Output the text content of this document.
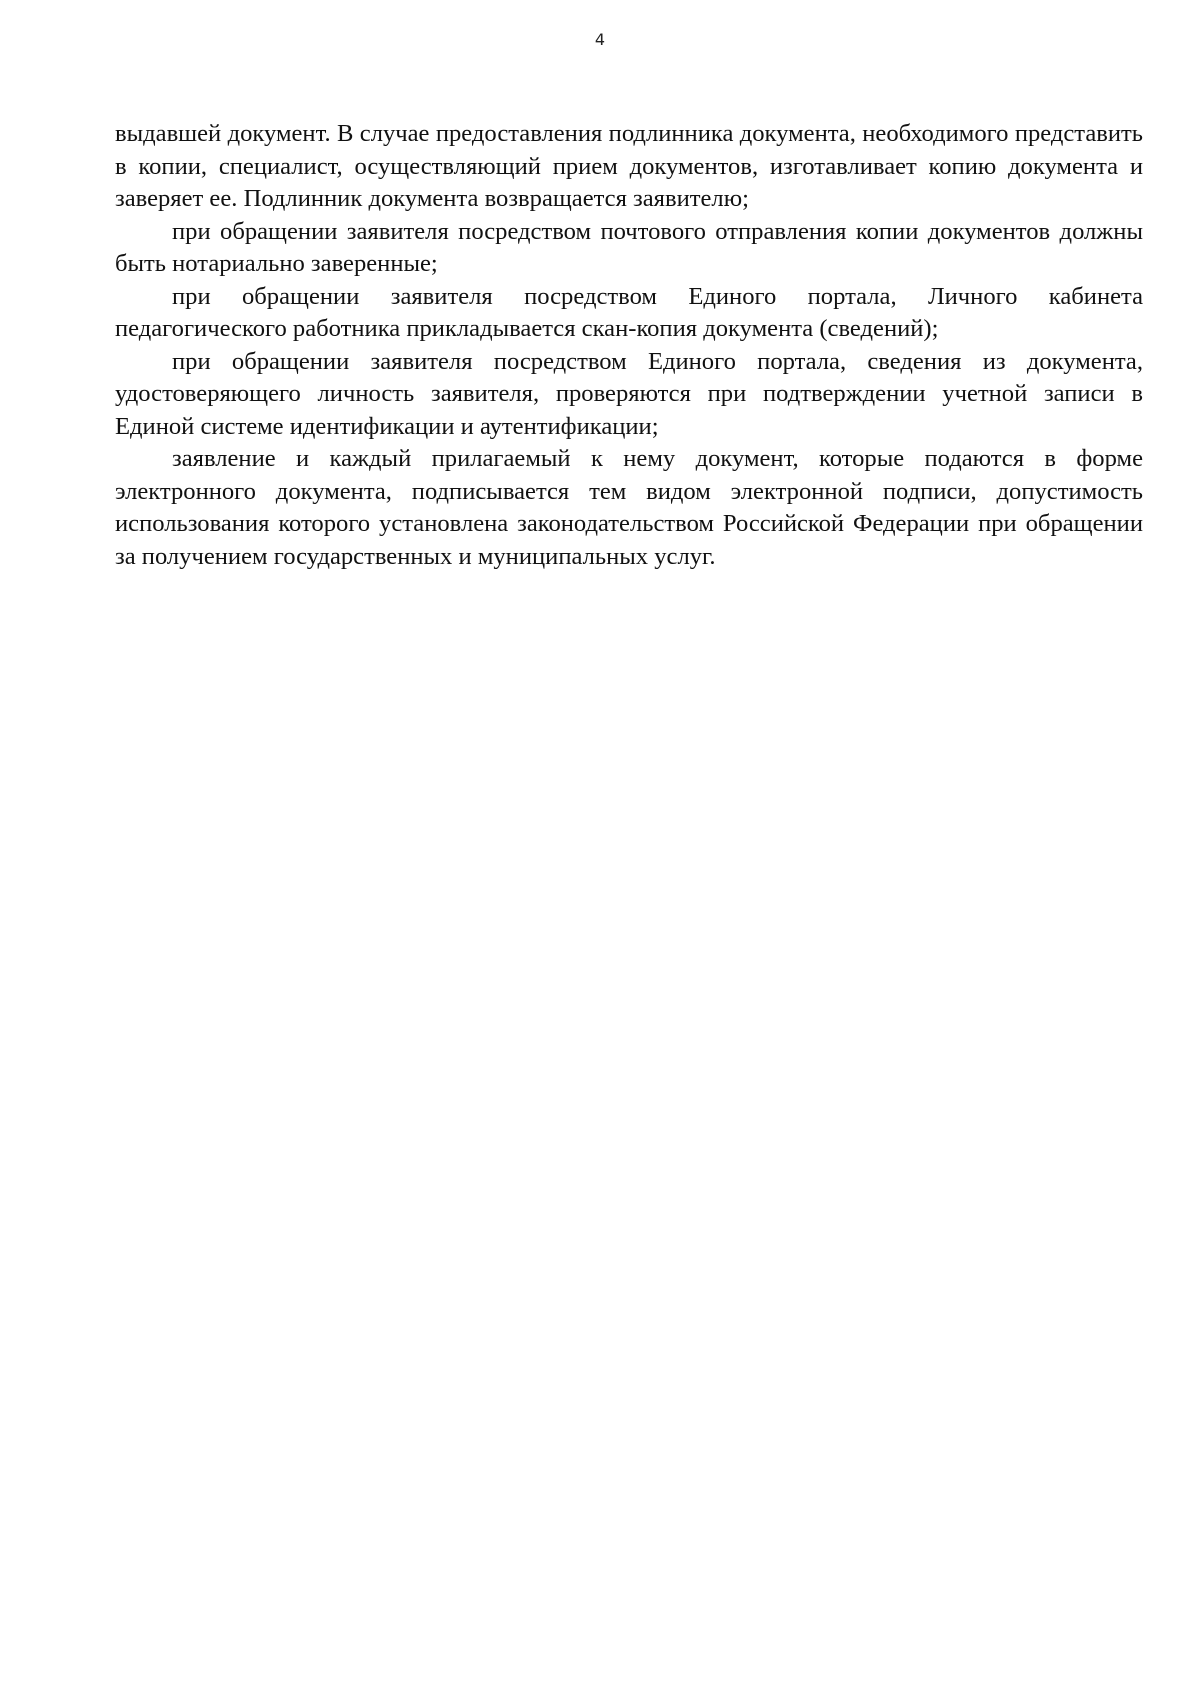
4

выдавшей документ. В случае предоставления подлинника документа, необходимого представить в копии, специалист, осуществляющий прием документов, изготавливает копию документа и заверяет ее. Подлинник документа возвращается заявителю;

при обращении заявителя посредством почтового отправления копии документов должны быть нотариально заверенные;

при обращении заявителя посредством Единого портала, Личного кабинета педагогического работника прикладывается скан-копия документа (сведений);

при обращении заявителя посредством Единого портала, сведения из документа, удостоверяющего личность заявителя, проверяются при подтверждении учетной записи в Единой системе идентификации и аутентификации;

заявление и каждый прилагаемый к нему документ, которые подаются в форме электронного документа, подписывается тем видом электронной подписи, допустимость использования которого установлена законодательством Российской Федерации при обращении за получением государственных и муниципальных услуг.
